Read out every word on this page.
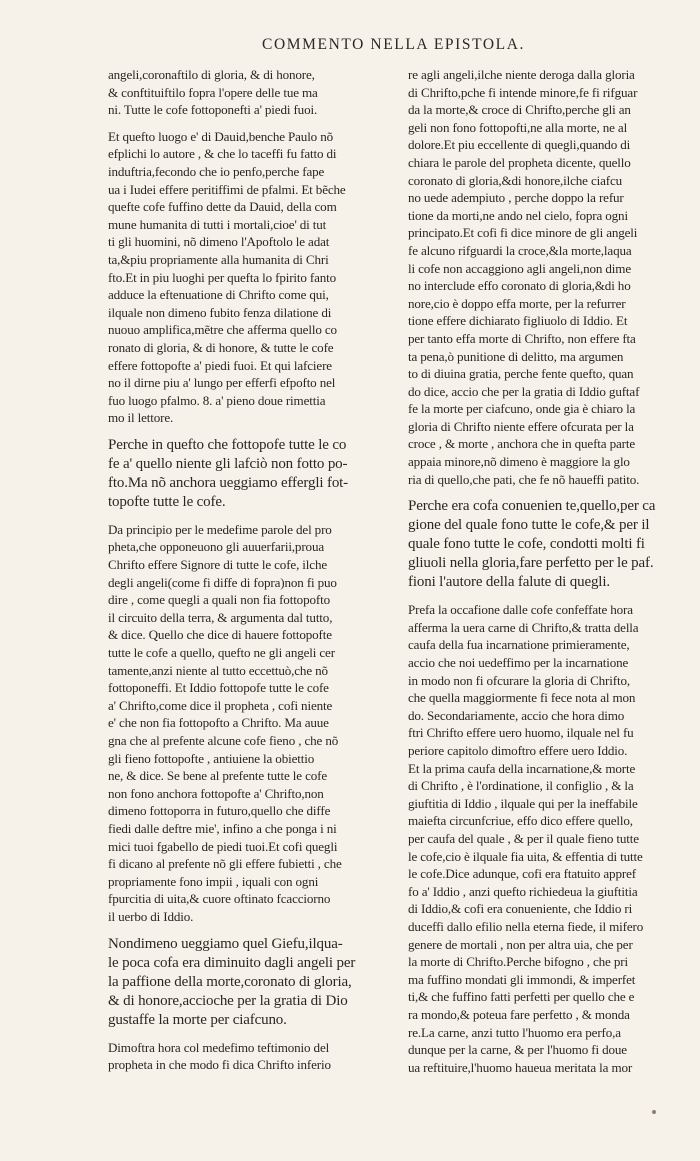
COMMENTO NELLA EPISTOLA.

angeli,coronaftilo di gloria, & di honore,
& conftituiftilo fopra l'opere delle tue ma
ni. Tutte le cofe fottoponefti a' piedi fuoi.

Et quefto luogo e' di Dauid,benche Paulo nõ
efplichi lo autore , & che lo taceffi fu fatto di
induftria,fecondo che io penfo,perche fape
ua i Iudei effere peritiffimi de pfalmi. Et bẽche
quefte cofe fuffino dette da Dauid, della com
mune humanita di tutti i mortali,cioe' di tut
ti gli huomini, nõ dimeno l'Apoftolo le adat
ta,&piu propriamente alla humanita di Chri
fto.Et in piu luoghi per quefta lo fpirito fanto
adduce la eftenuatione di Chrifto come qui,
ilquale non dimeno fubito fenza dilatione di
nuouo amplifica,mẽtre che afferma quello co
ronato di gloria, & di honore, & tutte le cofe
effere fottopofte a' piedi fuoi. Et qui lafciere
no il dirne piu a' lungo per efferfi efpofto nel
fuo luogo pfalmo. 8. a' pieno doue rimettia
mo il lettore.

Perche in quefto che fottopofe tutte le co
fe a' quello niente gli lafciò non fotto po-
fto.Ma nõ anchora ueggiamo effergli fot-
topofte tutte le cofe.

Da principio per le medefime parole del pro
pheta,che opponeuono gli auuerfarii,proua
Chrifto effere Signore di tutte le cofe, ilche
degli angeli(come fi diffe di fopra)non fi puo
dire , come quegli a quali non fia fottopofto
il circuito della terra, & argumenta dal tutto,
& dice. Quello che dice di hauere fottopofte
tutte le cofe a quello, quefto ne gli angeli cer
tamente,anzi niente al tutto eccettuò,che nõ
fottoponeffi. Et Iddio fottopofe tutte le cofe
a' Chrifto,come dice il propheta , cofi niente
e' che non fia fottopofto a Chrifto. Ma auue
gna che al prefente alcune cofe fieno , che nõ
gli fieno fottopofte , antiuiene la obiettio
ne, & dice. Se bene al prefente tutte le cofe
non fono anchora fottopofte a' Chrifto,non
dimeno fottoporra in futuro,quello che diffe
fiedi dalle deftre mie', infino a che ponga i ni
mici tuoi fgabello de piedi tuoi.Et cofi quegli
fi dicano al prefente nõ gli effere fubietti , che
propriamente fono impii , iquali con ogni
fpurcitia di uita,& cuore oftinato fcacciorno
il uerbo di Iddio.

Nondimeno ueggiamo quel Giefu,ilqua-
le poca cofa era diminuito dagli angeli per
la paffione della morte,coronato di gloria,
& di honore,accioche per la gratia di Dio
gustaffe la morte per ciafcuno.

Dimoftra hora col medefimo teftimonio del
propheta in che modo fi dica Chrifto inferio

re agli angeli,ilche niente deroga dalla gloria
di Chrifto,pche fi intende minore,fe fi rifguar
da la morte,& croce di Chrifto,perche gli an
geli non fono fottopofti,ne alla morte, ne al
dolore.Et piu eccellente di quegli,quando di
chiara le parole del propheta dicente, quello
coronato di gloria,&di honore,ilche ciafcu
no uede adempiuto , perche doppo la refur
tione da morti,ne ando nel cielo, fopra ogni
principato.Et cofi fi dice minore de gli angeli
fe alcuno rifguardi la croce,&la morte,laqua
li cofe non accaggiono agli angeli,non dime
no interclude effo coronato di gloria,&di ho
nore,cio è doppo effa morte, per la refurrer
tione effere dichiarato figliuolo di Iddio. Et
per tanto effa morte di Chrifto, non effere fta
ta pena,ò punitione di delitto, ma argumen
to di diuina gratia, perche fente quefto, quan
do dice, accio che per la gratia di Iddio guftaf
fe la morte per ciafcuno, onde gia è chiaro la
gloria di Chrifto niente effere ofcurata per la
croce , & morte , anchora che in quefta parte
appaia minore,nõ dimeno è maggiore la glo
ria di quello,che pati, che fe nõ haueffi patito.

Perche era cofa conuenien te,quello,per ca
gione del quale fono tutte le cofe,& per il
quale fono tutte le cofe, condotti molti fi
gliuoli nella gloria,fare perfetto per le paf.
fioni l'autore della falute di quegli.

Prefa la occafione dalle cofe confeffate hora
afferma la uera carne di Chrifto,& tratta della
caufa della fua incarnatione primieramente,
accio che noi uedeffimo per la incarnatione
in modo non fi ofcurare la gloria di Chrifto,
che quella maggiormente fi fece nota al mon
do. Secondariamente, accio che hora dimo
ftri Chrifto effere uero huomo, ilquale nel fu
periore capitolo dimoftro effere uero Iddio.
Et la prima caufa della incarnatione,& morte
di Chrifto , è l'ordinatione, il configlio , & la
giuftitia di Iddio , ilquale qui per la ineffabile
maiefta circunfcriue, effo dico effere quello,
per caufa del quale , & per il quale fieno tutte
le cofe,cio è ilquale fia uita, & effentia di tutte
le cofe.Dice adunque, cofi era ftatuito appref
fo a' Iddio , anzi quefto richiedeua la giuftitia
di Iddio,& cofi era conueniente, che Iddio ri
duceffi dallo efilio nella eterna fiede, il mifero
genere de mortali , non per altra uia, che per
la morte di Chrifto.Perche bifogno , che pri
ma fuffino mondati gli immondi, & imperfet
ti,& che fuffino fatti perfetti per quello che e
ra mondo,& poteua fare perfetto , & monda
re.La carne, anzi tutto l'huomo era perfo,a
dunque per la carne, & per l'huomo fi doue
ua reftituire,l'huomo haueua meritata la mor
